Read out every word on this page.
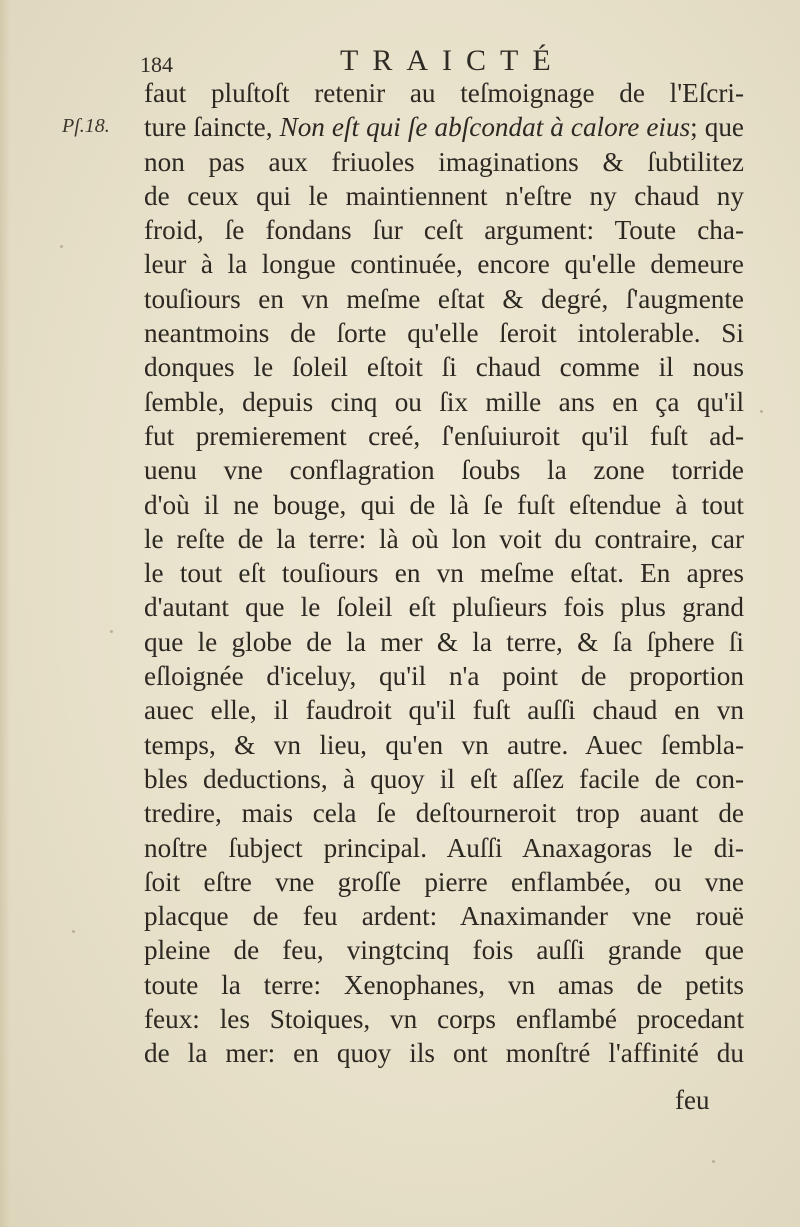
184	TRAICTÉ
Pſ.18.
faut pluſtoſt retenir au teſmoignage de l'Eſcri-
ture ſaincte, Non eſt qui ſe abſcondat à calore eius; que
non pas aux friuoles imaginations & ſubtilitez
de ceux qui le maintiennent n'eſtre ny chaud ny
froid, ſe fondans ſur ceſt argument: Toute cha-
leur à la longue continuée, encore qu'elle demeure
touſiours en vn meſme eſtat & degré, ſ'augmente
neantmoins de ſorte qu'elle ſeroit intolerable. Si
donques le ſoleil eſtoit ſi chaud comme il nous
ſemble, depuis cinq ou ſix mille ans en ça qu'il
fut premierement creé, ſ'enſuiuroit qu'il fuſt ad-
uenu vne conflagration ſoubs la zone torride
d'où il ne bouge, qui de là ſe fuſt eſtendue à tout
le reſte de la terre: là où lon voit du contraire, car
le tout eſt touſiours en vn meſme eſtat. En apres
d'autant que le ſoleil eſt pluſieurs fois plus grand
que le globe de la mer & la terre, & ſa ſphere ſi
eſloignée d'iceluy, qu'il n'a point de proportion
auec elle, il faudroit qu'il fuſt auſſi chaud en vn
temps, & vn lieu, qu'en vn autre. Auec ſembla-
bles deductions, à quoy il eſt aſſez facile de con-
tredire, mais cela ſe deſtourneroit trop auant de
noſtre ſubject principal. Auſſi Anaxagoras le di-
ſoit eſtre vne groſſe pierre enflambée, ou vne
placque de feu ardent: Anaximander vne rouë
pleine de feu, vingtcinq fois auſſi grande que
toute la terre: Xenophanes, vn amas de petits
feux: les Stoiques, vn corps enflambé procedant
de la mer: en quoy ils ont monſtré l'affinité du
feu
